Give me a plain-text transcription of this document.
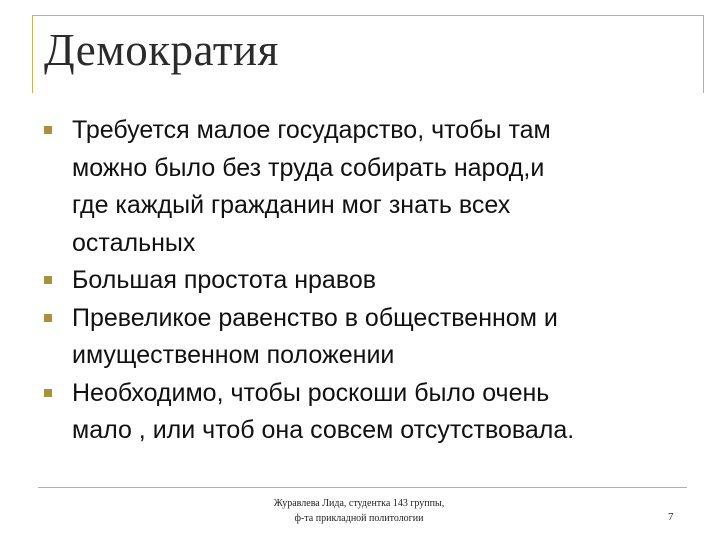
Демократия
Требуется малое государство, чтобы там
можно было без труда собирать народ,и
где каждый гражданин мог знать всех
остальных
Большая простота нравов
Превеликое равенство в общественном и
имущественном положении
Необходимо, чтобы роскоши было очень
мало , или чтоб она совсем отсутствовала.
Журавлева Лида, студентка 143 группы,
ф-та прикладной политологии	7
